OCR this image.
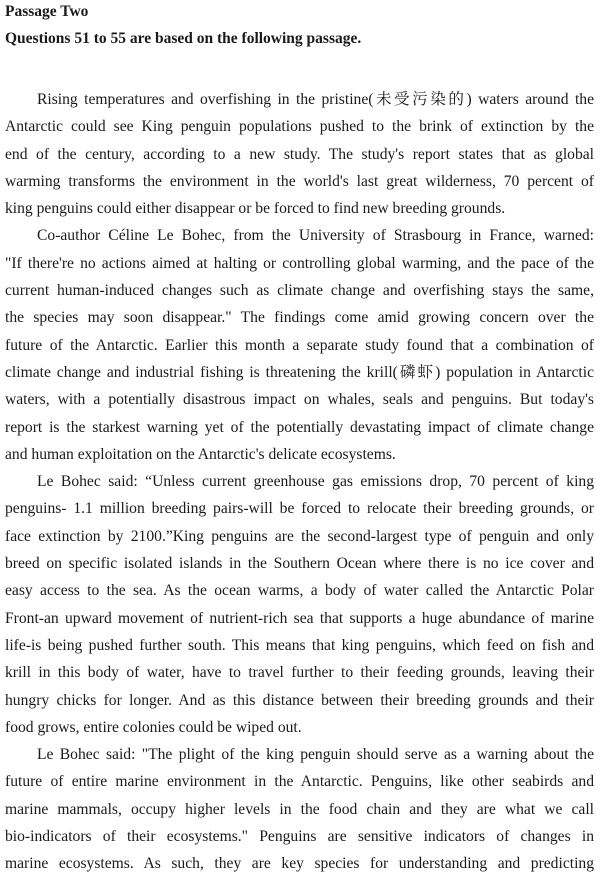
Passage Two
Questions 51 to 55 are based on the following passage.
Rising temperatures and overfishing in the pristine(未受污染的) waters around the
Antarctic could see King penguin populations pushed to the brink of extinction by the
end of the century, according to a new study. The study's report states that as global
warming transforms the environment in the world's last great wilderness, 70 percent of
king penguins could either disappear or be forced to find new breeding grounds.
Co-author Céline Le Bohec, from the University of Strasbourg in France, warned:
"If there're no actions aimed at halting or controlling global warming, and the pace of the
current human-induced changes such as climate change and overfishing stays the same,
the species may soon disappear." The findings come amid growing concern over the
future of the Antarctic. Earlier this month a separate study found that a combination of
climate change and industrial fishing is threatening the krill(磷虾) population in Antarctic
waters, with a potentially disastrous impact on whales, seals and penguins. But today's
report is the starkest warning yet of the potentially devastating impact of climate change
and human exploitation on the Antarctic's delicate ecosystems.
Le Bohec said: “Unless current greenhouse gas emissions drop, 70 percent of king
penguins- 1.1 million breeding pairs-will be forced to relocate their breeding grounds, or
face extinction by 2100.”King penguins are the second-largest type of penguin and only
breed on specific isolated islands in the Southern Ocean where there is no ice cover and
easy access to the sea. As the ocean warms, a body of water called the Antarctic Polar
Front-an upward movement of nutrient-rich sea that supports a huge abundance of marine
life-is being pushed further south. This means that king penguins, which feed on fish and
krill in this body of water, have to travel further to their feeding grounds, leaving their
hungry chicks for longer. And as this distance between their breeding grounds and their
food grows, entire colonies could be wiped out.
Le Bohec said: "The plight of the king penguin should serve as a warning about the
future of entire marine environment in the Antarctic. Penguins, like other seabirds and
marine mammals, occupy higher levels in the food chain and they are what we call
bio-indicators of their ecosystems." Penguins are sensitive indicators of changes in
marine ecosystems. As such, they are key species for understanding and predicting
